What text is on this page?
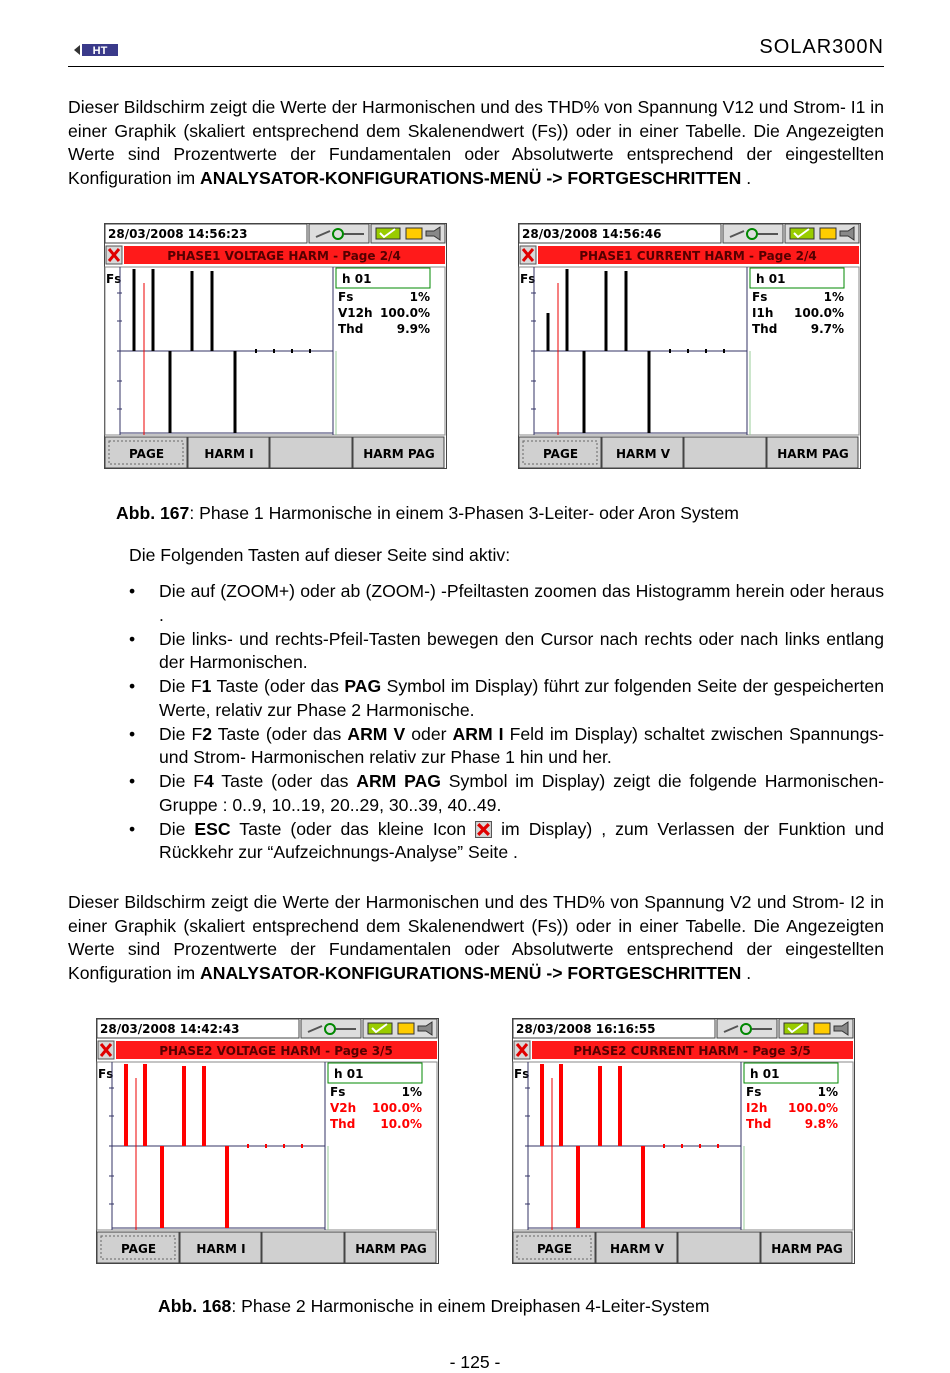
HT	SOLAR300N

Dieser Bildschirm zeigt die Werte der Harmonischen und des THD% von Spannung V12 und Strom- I1 in einer Graphik (skaliert entsprechend dem Skalenendwert (Fs)) oder in einer Tabelle. Die Angezeigten Werte sind Prozentwerte der Fundamentalen oder Absolutwerte entsprechend der eingestellten Konfiguration im ANALYSATOR-KONFIGURATIONS-MENÜ -> FORTGESCHRITTEN .

28/03/2008 14:56:23
PHASE1 VOLTAGE HARM - Page 2/4
Fs	h 01
Fs	1%
V12h 100.0%
Thd	9.9%
PAGE	HARM I	HARM PAG
28/03/2008 14:56:46
PHASE1 CURRENT HARM - Page 2/4
Fs	h 01
Fs	1%
I1h 100.0%
Thd	9.7%
PAGE	HARM V	HARM PAG

Abb. 167: Phase 1 Harmonische in einem 3-Phasen 3-Leiter- oder Aron System

Die Folgenden Tasten auf dieser Seite sind aktiv:

• Die auf (ZOOM+) oder ab (ZOOM-) -Pfeiltasten zoomen das Histogramm herein oder heraus .
• Die links- und rechts-Pfeil-Tasten bewegen den Cursor nach rechts oder nach links entlang der Harmonischen.
• Die F1 Taste (oder das PAG Symbol im Display) führt zur folgenden Seite der gespeicherten Werte, relativ zur Phase 2 Harmonische.
• Die F2 Taste (oder das ARM V oder ARM I Feld im Display) schaltet zwischen Spannungs- und Strom- Harmonischen relativ zur Phase 1 hin und her.
• Die F4 Taste (oder das ARM PAG Symbol im Display) zeigt die folgende Harmonischen-Gruppe : 0..9, 10..19, 20..29, 30..39, 40..49.
• Die ESC Taste (oder das kleine Icon  im Display) , zum Verlassen der Funktion und Rückkehr zur “Aufzeichnungs-Analyse” Seite .

Dieser Bildschirm zeigt die Werte der Harmonischen und des THD% von Spannung V2 und Strom- I2 in einer Graphik (skaliert entsprechend dem Skalenendwert (Fs)) oder in einer Tabelle. Die Angezeigten Werte sind Prozentwerte der Fundamentalen oder Absolutwerte entsprechend der eingestellten Konfiguration im ANALYSATOR-KONFIGURATIONS-MENÜ -> FORTGESCHRITTEN .

28/03/2008 14:42:43
PHASE2 VOLTAGE HARM - Page 3/5
Fs	h 01
Fs	1%
V2h 100.0%
Thd 10.0%
PAGE	HARM I	HARM PAG
28/03/2008 16:16:55
PHASE2 CURRENT HARM - Page 3/5
Fs	h 01
Fs	1%
I2h 100.0%
Thd	9.8%
PAGE	HARM V	HARM PAG

Abb. 168: Phase 2 Harmonische in einem Dreiphasen 4-Leiter-System

- 125 -
